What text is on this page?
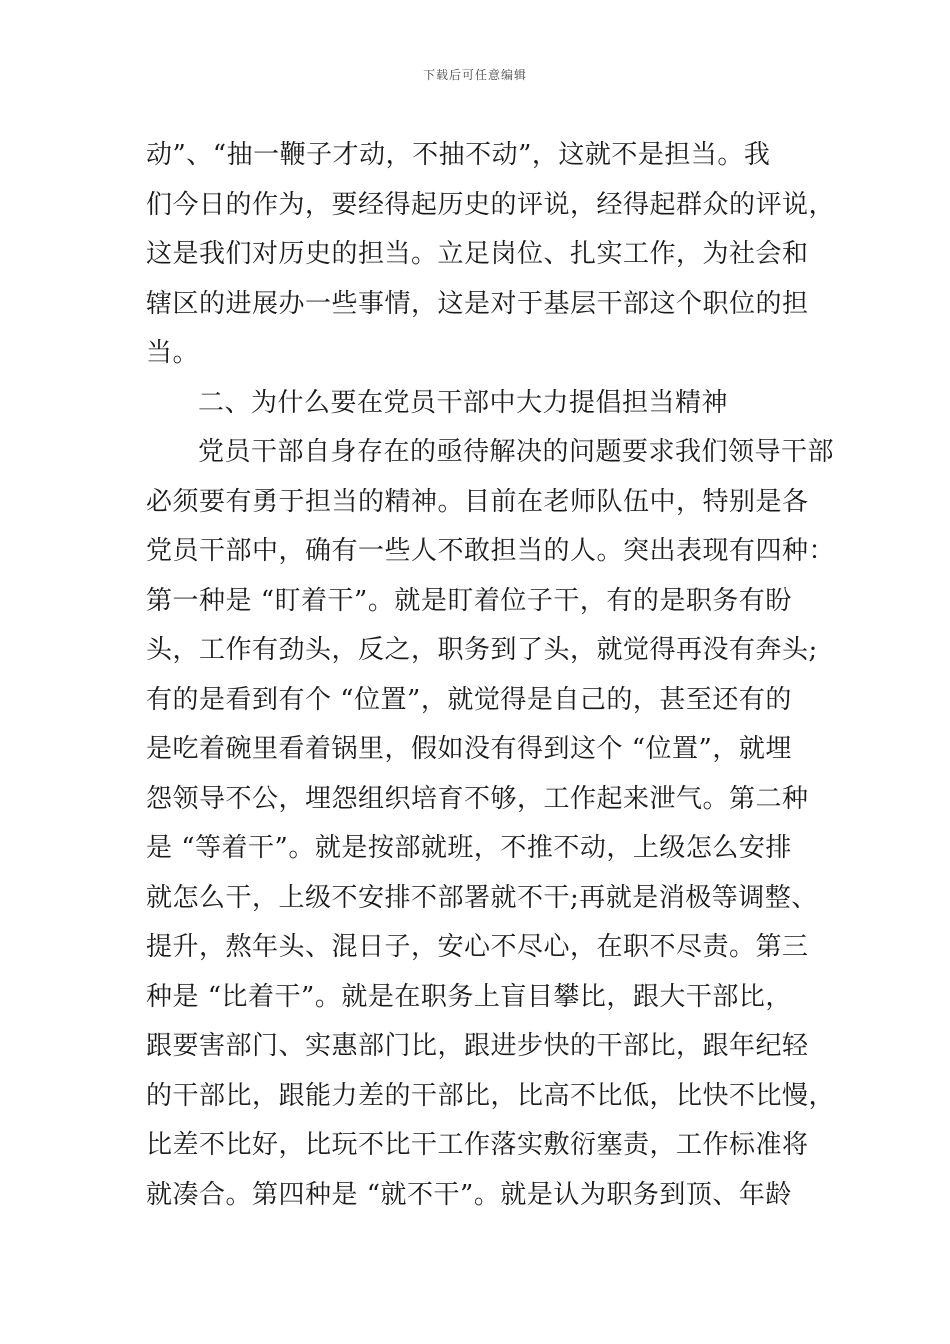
下载后可任意编辑
动”、“抽一鞭子才动，不抽不动”，这就不是担当。我
们今日的作为，要经得起历史的评说，经得起群众的评说，
这是我们对历史的担当。立足岗位、扎实工作，为社会和
辖区的进展办一些事情，这是对于基层干部这个职位的担
当。
二、为什么要在党员干部中大力提倡担当精神
党员干部自身存在的亟待解决的问题要求我们领导干部
必须要有勇于担当的精神。目前在老师队伍中，特别是各
党员干部中，确有一些人不敢担当的人。突出表现有四种：
第一种是 “盯着干”。就是盯着位子干，有的是职务有盼
头，工作有劲头，反之，职务到了头，就觉得再没有奔头;
有的是看到有个 “位置”，就觉得是自己的，甚至还有的
是吃着碗里看着锅里，假如没有得到这个 “位置”，就埋
怨领导不公，埋怨组织培育不够，工作起来泄气。第二种
是 “等着干”。就是按部就班，不推不动，上级怎么安排
就怎么干，上级不安排不部署就不干;再就是消极等调整、
提升，熬年头、混日子，安心不尽心，在职不尽责。第三
种是 “比着干”。就是在职务上盲目攀比，跟大干部比，
跟要害部门、实惠部门比，跟进步快的干部比，跟年纪轻
的干部比，跟能力差的干部比，比高不比低，比快不比慢，
比差不比好，比玩不比干工作落实敷衍塞责，工作标准将
就凑合。第四种是 “就不干”。就是认为职务到顶、年龄
